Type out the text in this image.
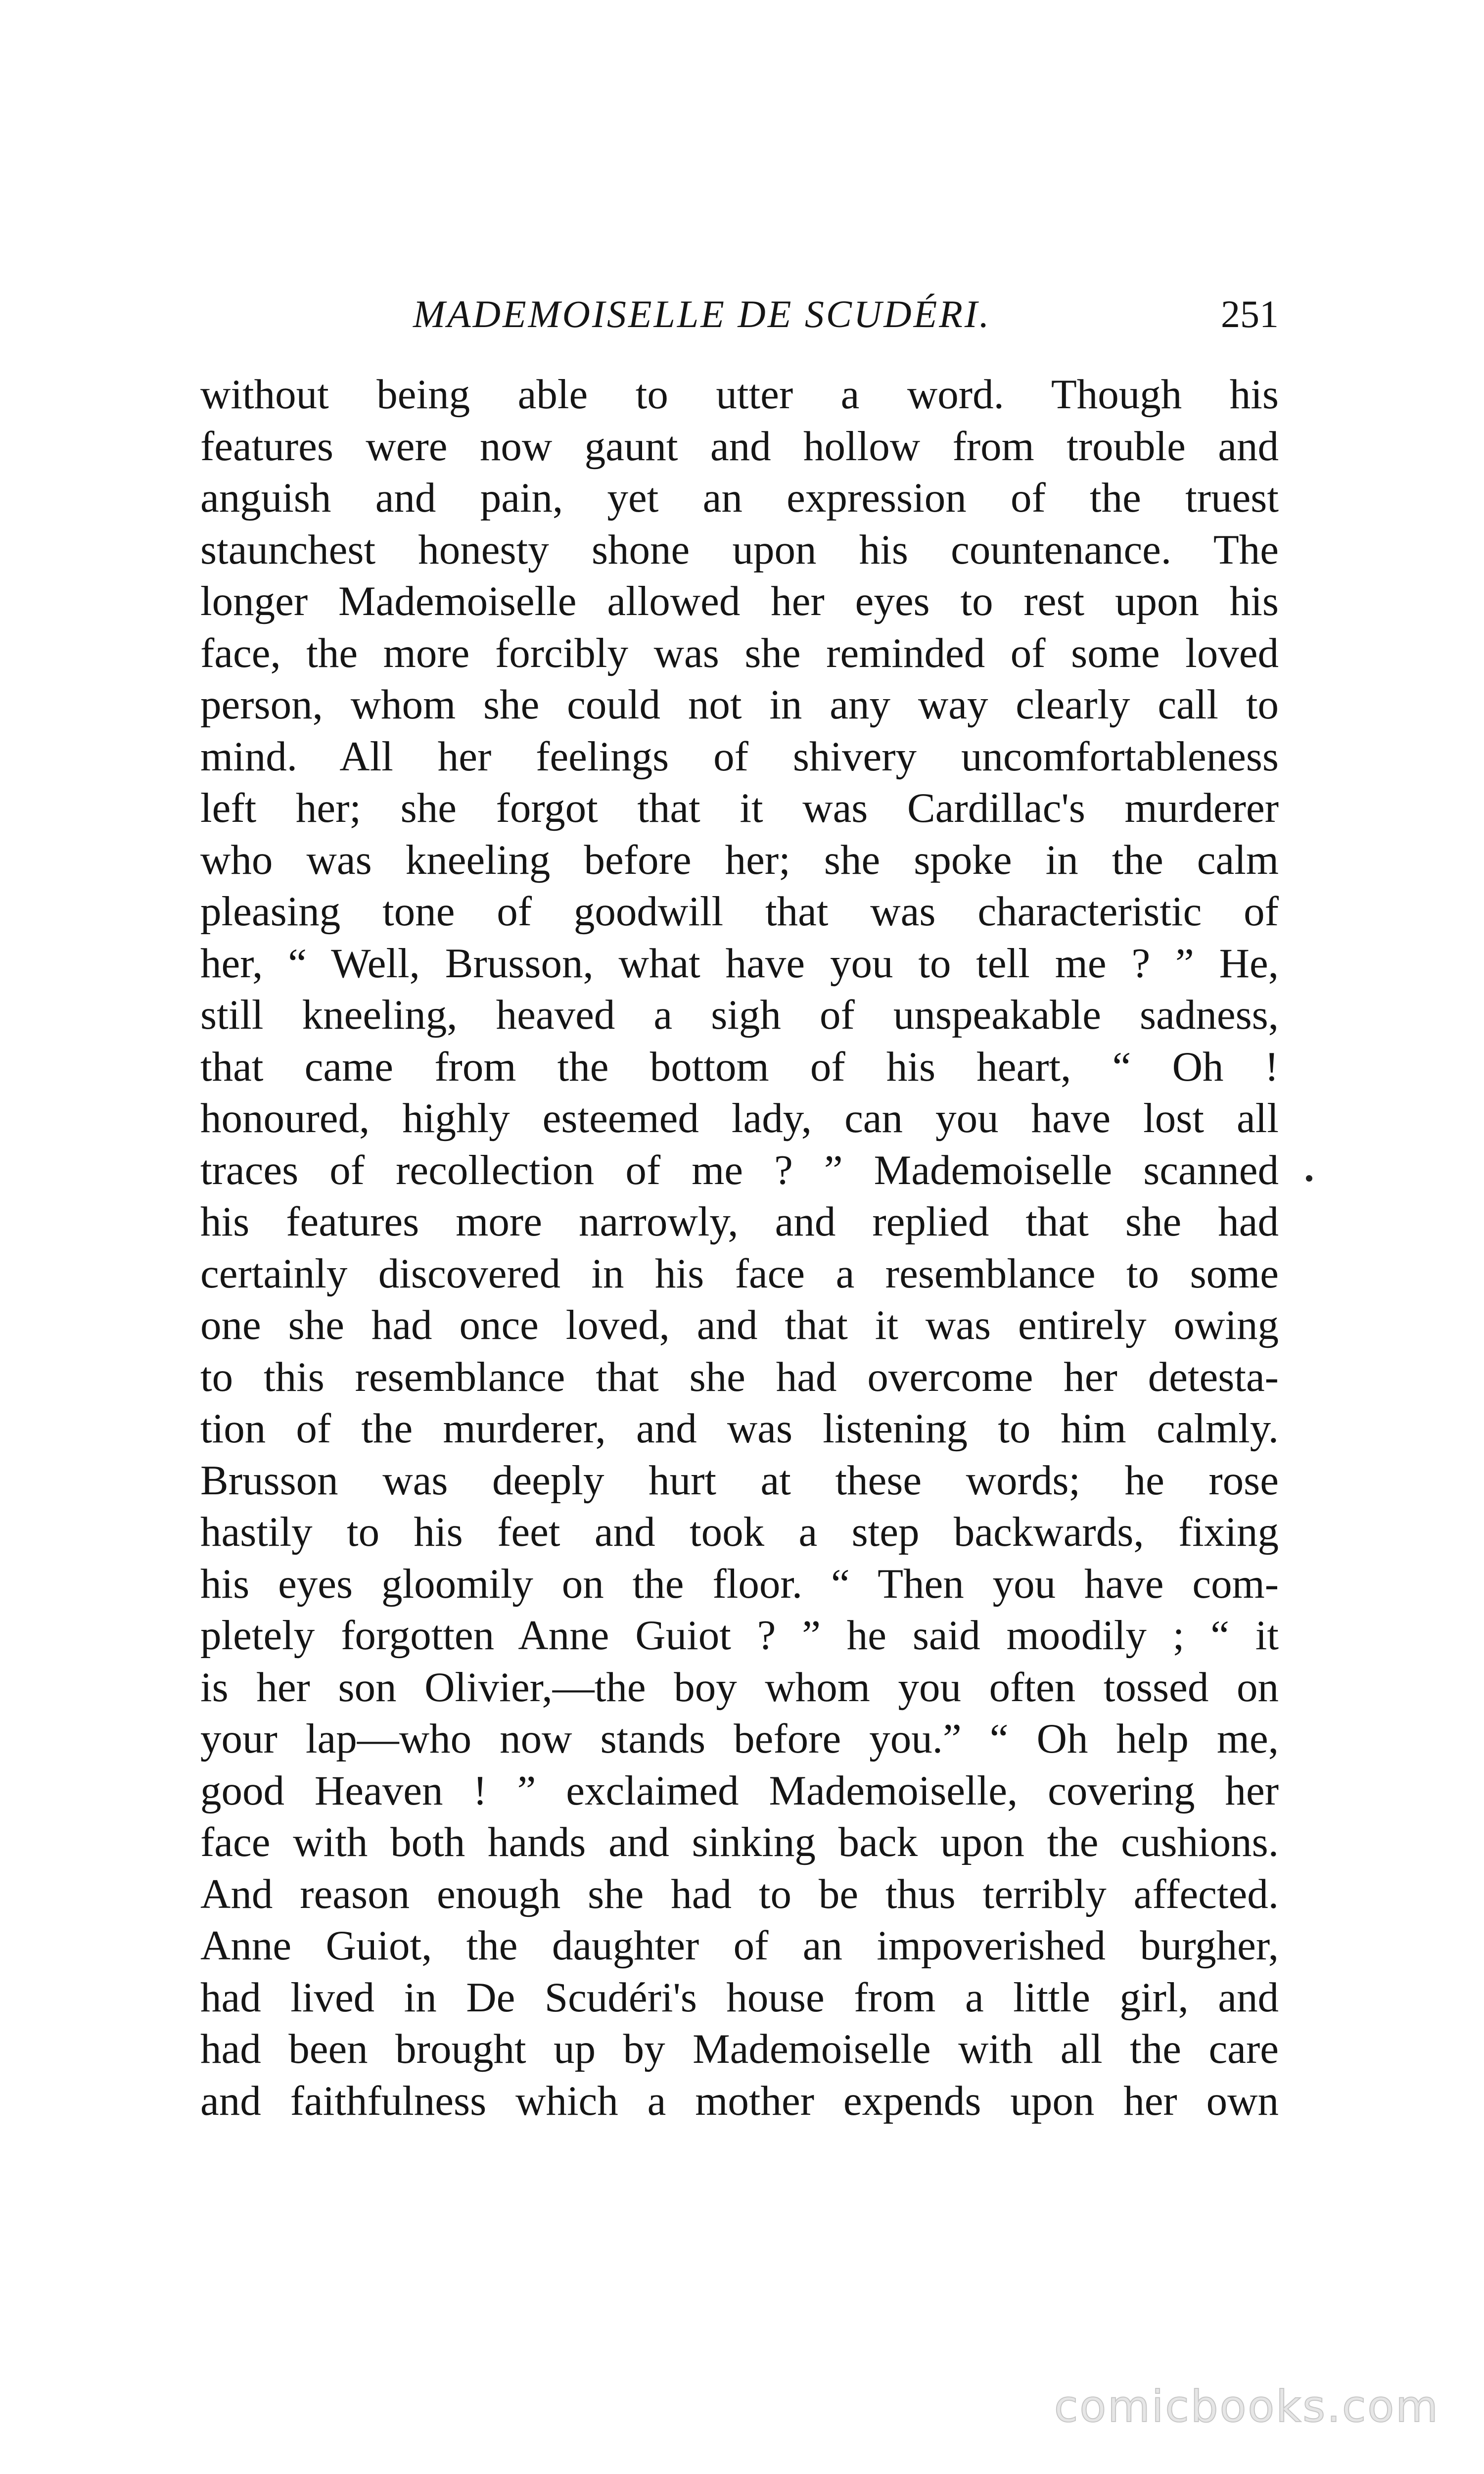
MADEMOISELLE DE SCUDÉRI.	251
without being able to utter a word. Though his
features were now gaunt and hollow from trouble and
anguish and pain, yet an expression of the truest
staunchest honesty shone upon his countenance. The
longer Mademoiselle allowed her eyes to rest upon his
face, the more forcibly was she reminded of some loved
person, whom she could not in any way clearly call to
mind. All her feelings of shivery uncomfortableness
left her; she forgot that it was Cardillac's murderer
who was kneeling before her; she spoke in the calm
pleasing tone of goodwill that was characteristic of
her, “ Well, Brusson, what have you to tell me ? ” He,
still kneeling, heaved a sigh of unspeakable sadness,
that came from the bottom of his heart, “ Oh !
honoured, highly esteemed lady, can you have lost all
traces of recollection of me ? ” Mademoiselle scanned
his features more narrowly, and replied that she had
certainly discovered in his face a resemblance to some
one she had once loved, and that it was entirely owing
to this resemblance that she had overcome her detesta-
tion of the murderer, and was listening to him calmly.
Brusson was deeply hurt at these words; he rose
hastily to his feet and took a step backwards, fixing
his eyes gloomily on the floor. “ Then you have com-
pletely forgotten Anne Guiot ? ” he said moodily ; “ it
is her son Olivier,—the boy whom you often tossed on
your lap—who now stands before you.” “ Oh help me,
good Heaven ! ” exclaimed Mademoiselle, covering her
face with both hands and sinking back upon the cushions.
And reason enough she had to be thus terribly affected.
Anne Guiot, the daughter of an impoverished burgher,
had lived in De Scudéri's house from a little girl, and
had been brought up by Mademoiselle with all the care
and faithfulness which a mother expends upon her own
comicbooks.com
